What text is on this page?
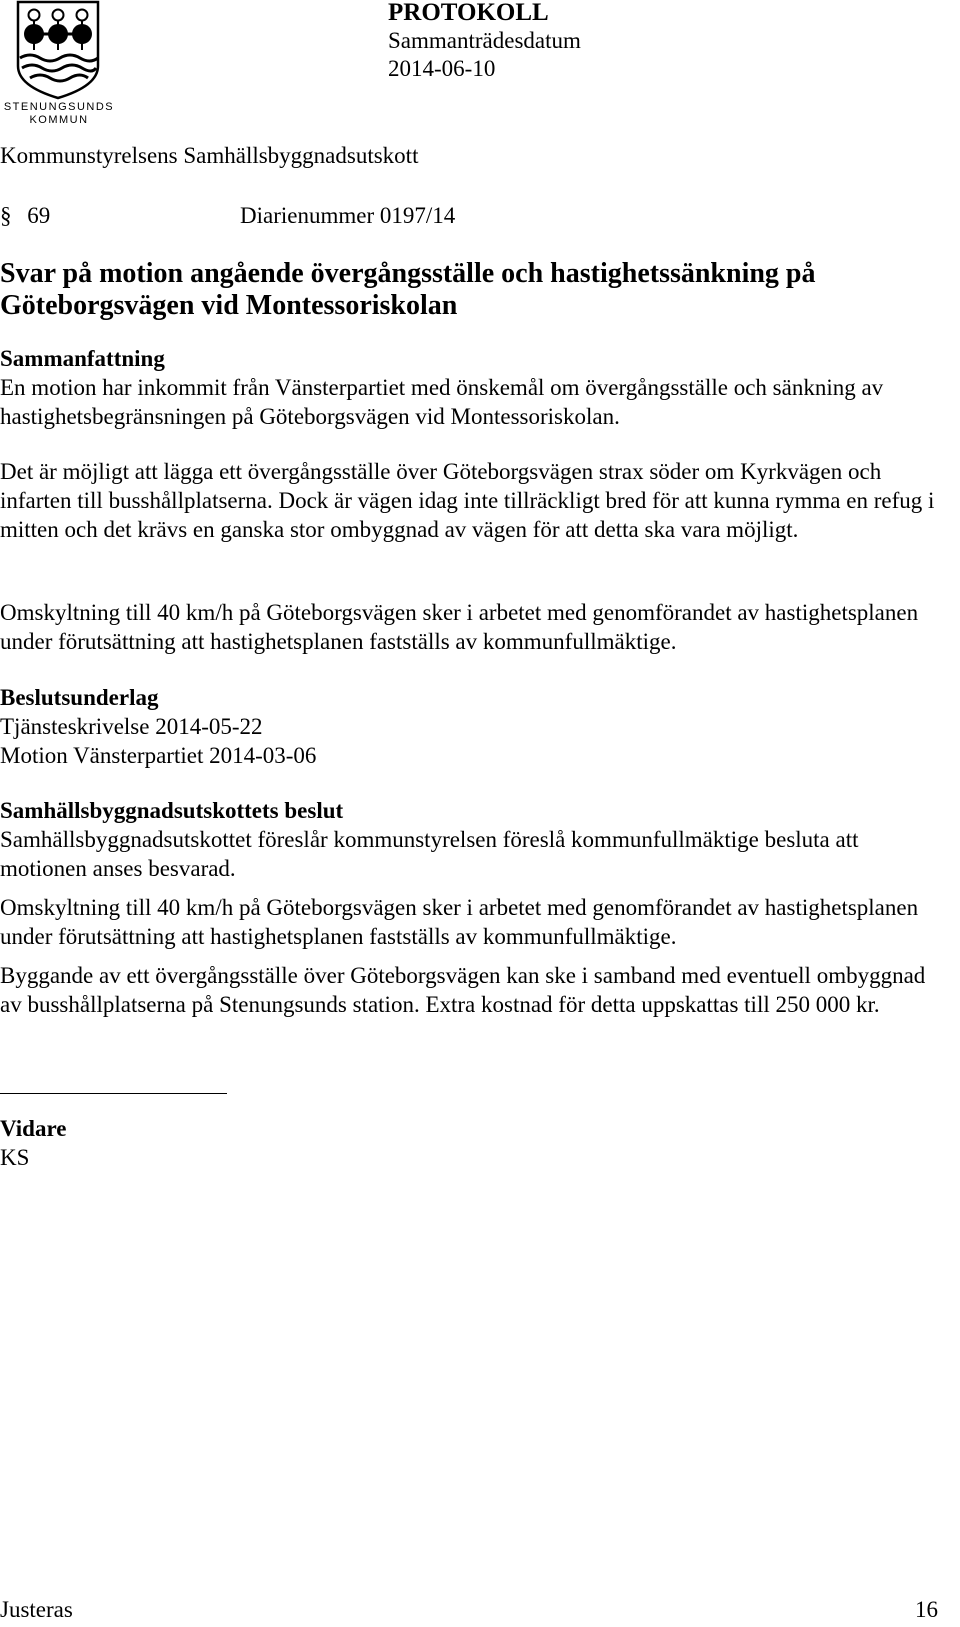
STENUNGSUNDS
KOMMUN
PROTOKOLL
Sammanträdesdatum
2014-06-10
Kommunstyrelsens Samhällsbyggnadsutskott
§ 69	Diarienummer 0197/14
Svar på motion angående övergångsställe och hastighetssänkning på Göteborgsvägen vid Montessoriskolan
Sammanfattning

En motion har inkommit från Vänsterpartiet med önskemål om övergångsställe och sänkning av hastighetsbegränsningen på Göteborgsvägen vid Montessoriskolan.

Det är möjligt att lägga ett övergångsställe över Göteborgsvägen strax söder om Kyrkvägen och infarten till busshållplatserna. Dock är vägen idag inte tillräckligt bred för att kunna rymma en refug i mitten och det krävs en ganska stor ombyggnad av vägen för att detta ska vara möjligt.

Omskyltning till 40 km/h på Göteborgsvägen sker i arbetet med genomförandet av hastighetsplanen under förutsättning att hastighetsplanen fastställs av kommunfullmäktige.

Beslutsunderlag

Tjänsteskrivelse 2014-05-22

Motion Vänsterpartiet 2014-03-06

Samhällsbyggnadsutskottets beslut

Samhällsbyggnadsutskottet föreslår kommunstyrelsen föreslå kommunfullmäktige besluta att motionen anses besvarad.

Omskyltning till 40 km/h på Göteborgsvägen sker i arbetet med genomförandet av hastighetsplanen under förutsättning att hastighetsplanen fastställs av kommunfullmäktige.

Byggande av ett övergångsställe över Göteborgsvägen kan ske i samband med eventuell ombyggnad av busshållplatserna på Stenungsunds station. Extra kostnad för detta uppskattas till 250 000 kr.

Vidare

KS

Justeras	16
